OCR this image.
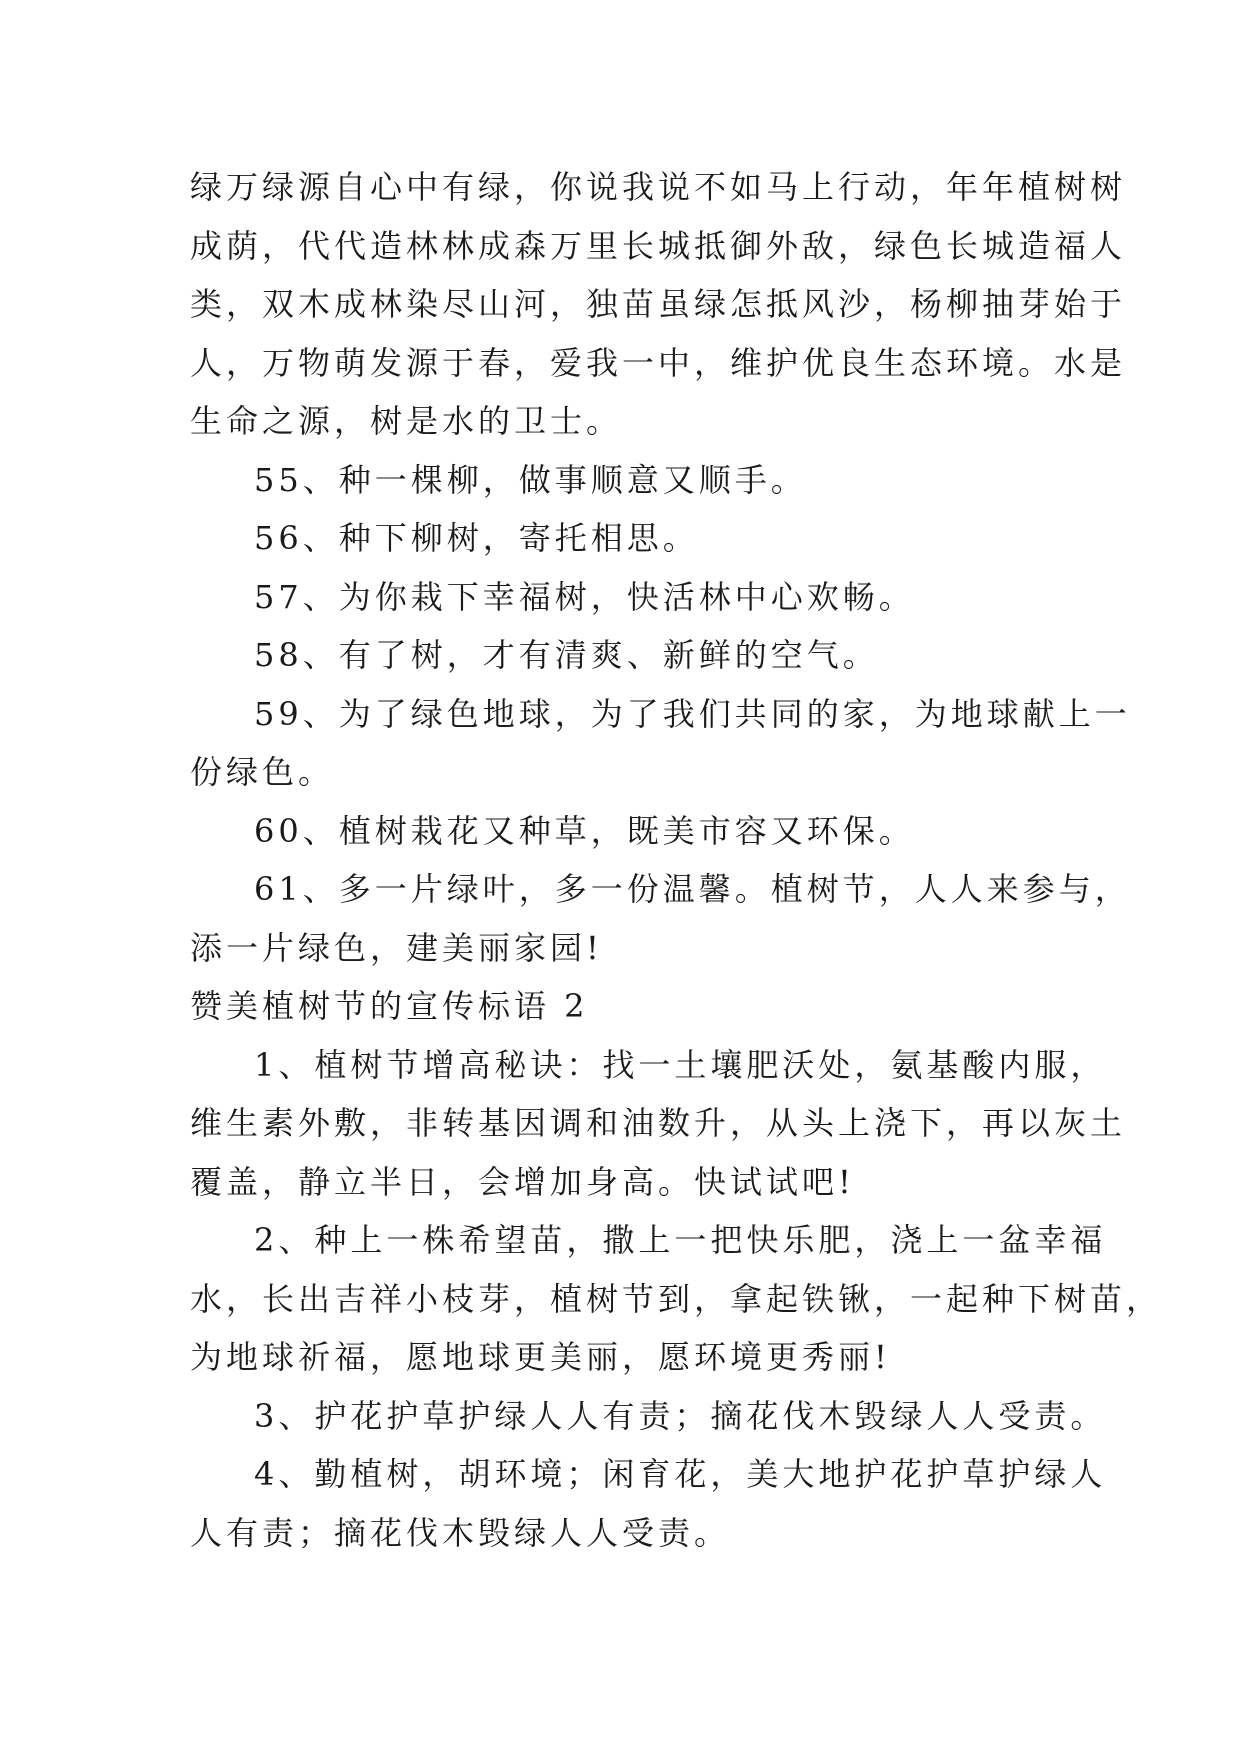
绿万绿源自心中有绿，你说我说不如马上行动，年年植树树
成荫，代代造林林成森万里长城抵御外敌，绿色长城造福人
类，双木成林染尽山河，独苗虽绿怎抵风沙，杨柳抽芽始于
人，万物萌发源于春，爱我一中，维护优良生态环境。水是
生命之源，树是水的卫士。
55、种一棵柳，做事顺意又顺手。
56、种下柳树，寄托相思。
57、为你栽下幸福树，快活林中心欢畅。
58、有了树，才有清爽、新鲜的空气。
59、为了绿色地球，为了我们共同的家，为地球献上一
份绿色。
60、植树栽花又种草，既美市容又环保。
61、多一片绿叶，多一份温馨。植树节，人人来参与，
添一片绿色，建美丽家园!
赞美植树节的宣传标语 2
1、植树节增高秘诀：找一土壤肥沃处，氨基酸内服，
维生素外敷，非转基因调和油数升，从头上浇下，再以灰土
覆盖，静立半日，会增加身高。快试试吧!
2、种上一株希望苗，撒上一把快乐肥，浇上一盆幸福
水，长出吉祥小枝芽，植树节到，拿起铁锹，一起种下树苗，
为地球祈福，愿地球更美丽，愿环境更秀丽!
3、护花护草护绿人人有责；摘花伐木毁绿人人受责。
4、勤植树，胡环境；闲育花，美大地护花护草护绿人
人有责；摘花伐木毁绿人人受责。
